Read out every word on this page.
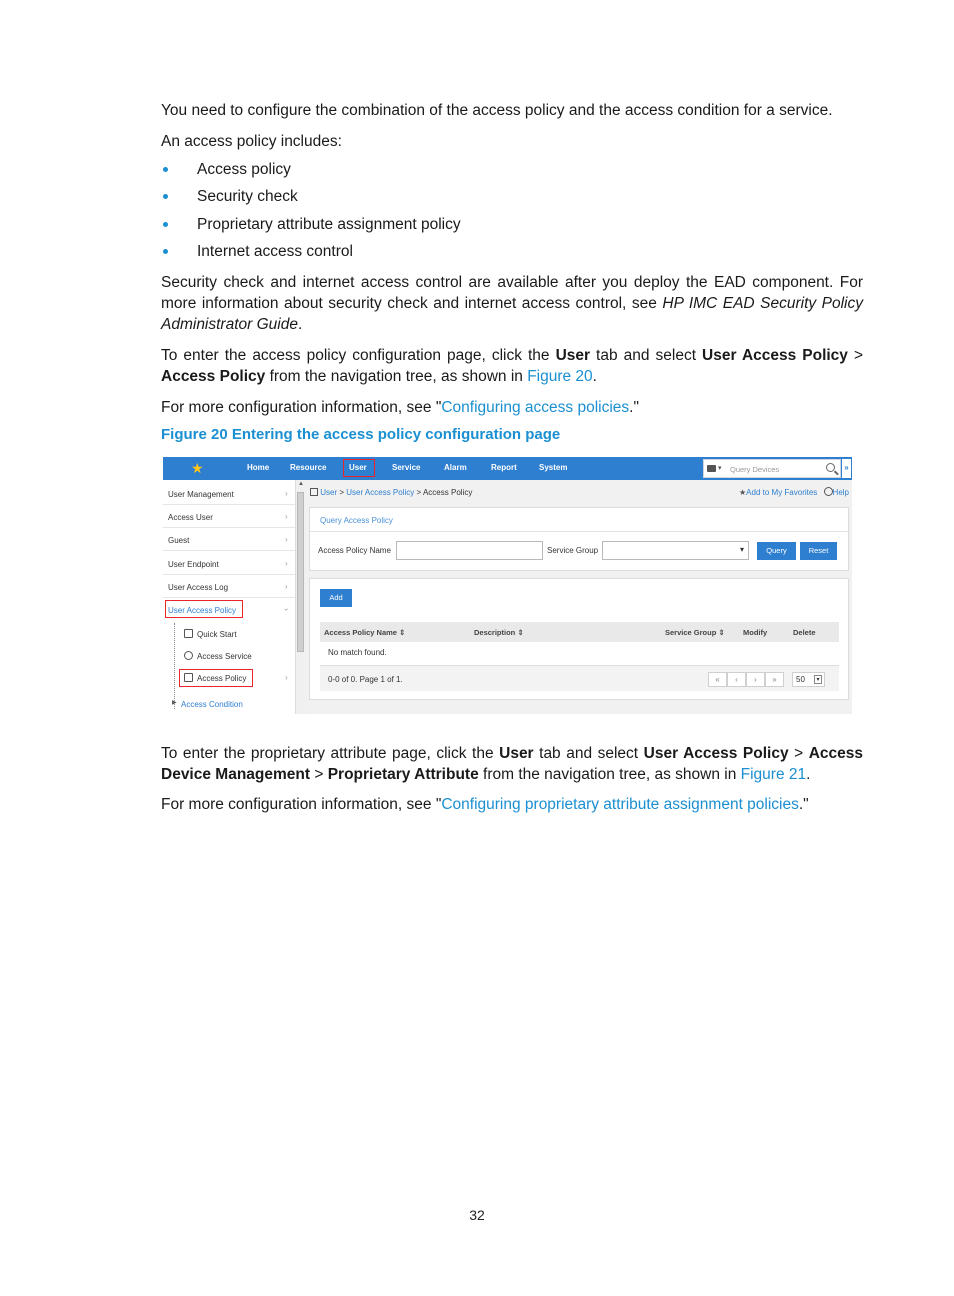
You need to configure the combination of the access policy and the access condition for a service.

An access policy includes:

Access policy
Security check
Proprietary attribute assignment policy
Internet access control

Security check and internet access control are available after you deploy the EAD component. For more information about security check and internet access control, see HP IMC EAD Security Policy Administrator Guide.

To enter the access policy configuration page, click the User tab and select User Access Policy > Access Policy from the navigation tree, as shown in Figure 20.

For more configuration information, see "Configuring access policies."

Figure 20 Entering the access policy configuration page
★	Home	Resource	User	Service	Alarm	Report	System	▾ Query Devices	»
User Management	›
Access User	›
Guest	›
User Endpoint	›
User Access Log	›
User Access Policy	›
Quick Start
Access Service
Access Policy	›
▶ Access Condition
▲
User > User Access Policy > Access Policy	★Add to My Favorites Help
Query Access Policy
Access Policy Name	Service Group	▾	Query	Reset
Add
Access Policy Name ⇕	Description ⇕	Service Group ⇕ Modify	Delete
No match found.
0-0 of 0. Page 1 of 1.	«	‹	›	»	50	▾

To enter the proprietary attribute page, click the User tab and select User Access Policy > Access Device Management > Proprietary Attribute from the navigation tree, as shown in Figure 21.

For more configuration information, see "Configuring proprietary attribute assignment policies."

32
